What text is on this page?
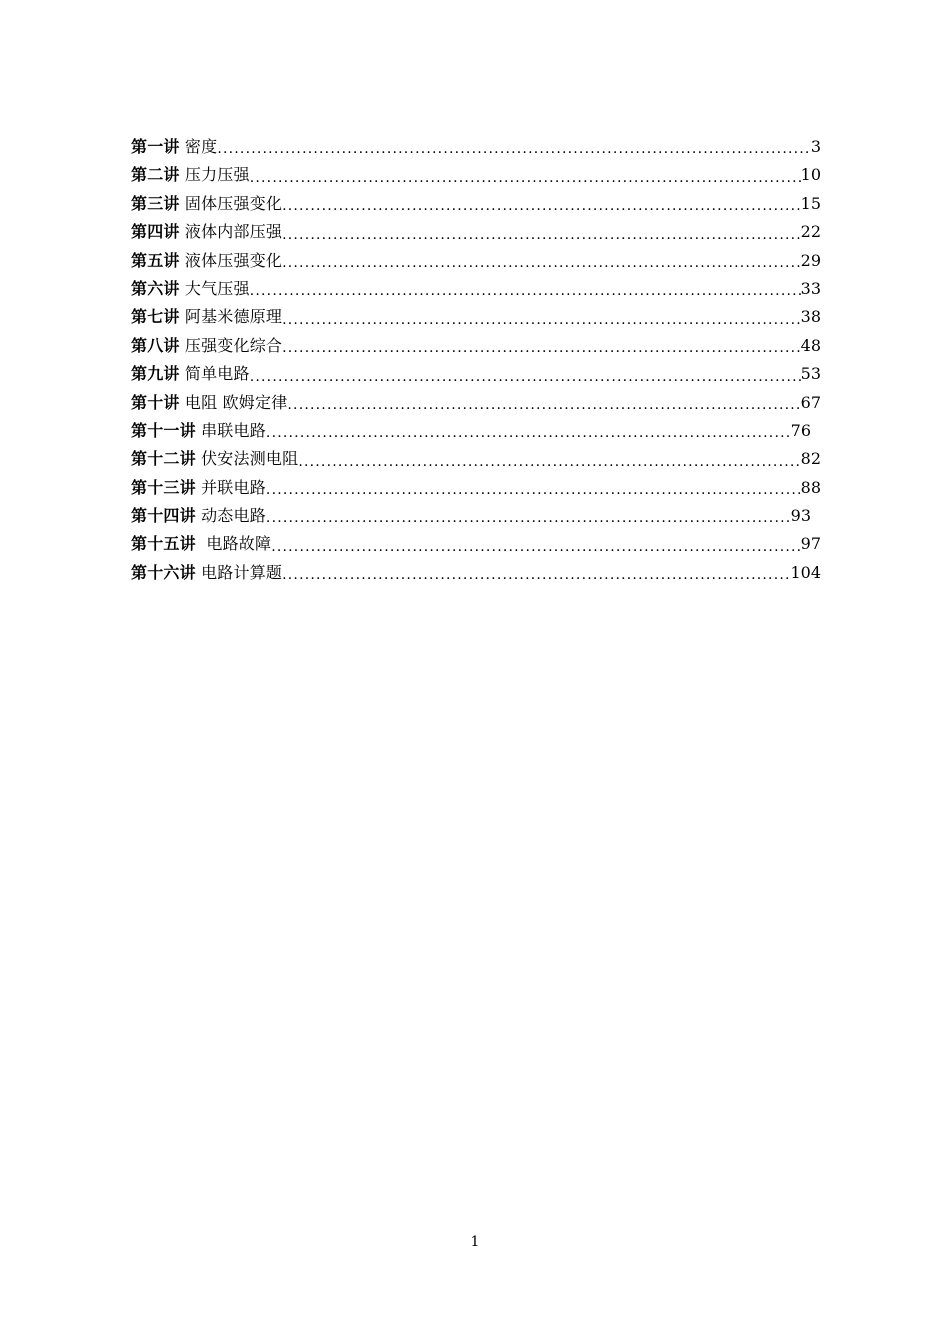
第一讲 密度 .....	3
第二讲 压力压强 .....	10
第三讲 固体压强变化 .....	15
第四讲 液体内部压强 .....	22
第五讲 液体压强变化 .....	29
第六讲 大气压强 .....	33
第七讲 阿基米德原理 .....	38
第八讲 压强变化综合 .....	48
第九讲 简单电路 .....	53
第十讲 电阻 欧姆定律 .....	67
第十一讲 串联电路 .....	76
第十二讲 伏安法测电阻 .....	82
第十三讲 并联电路 .....	88
第十四讲 动态电路 .....	93
第十五讲  电路故障 .....	97
第十六讲 电路计算题 .....	104
1
